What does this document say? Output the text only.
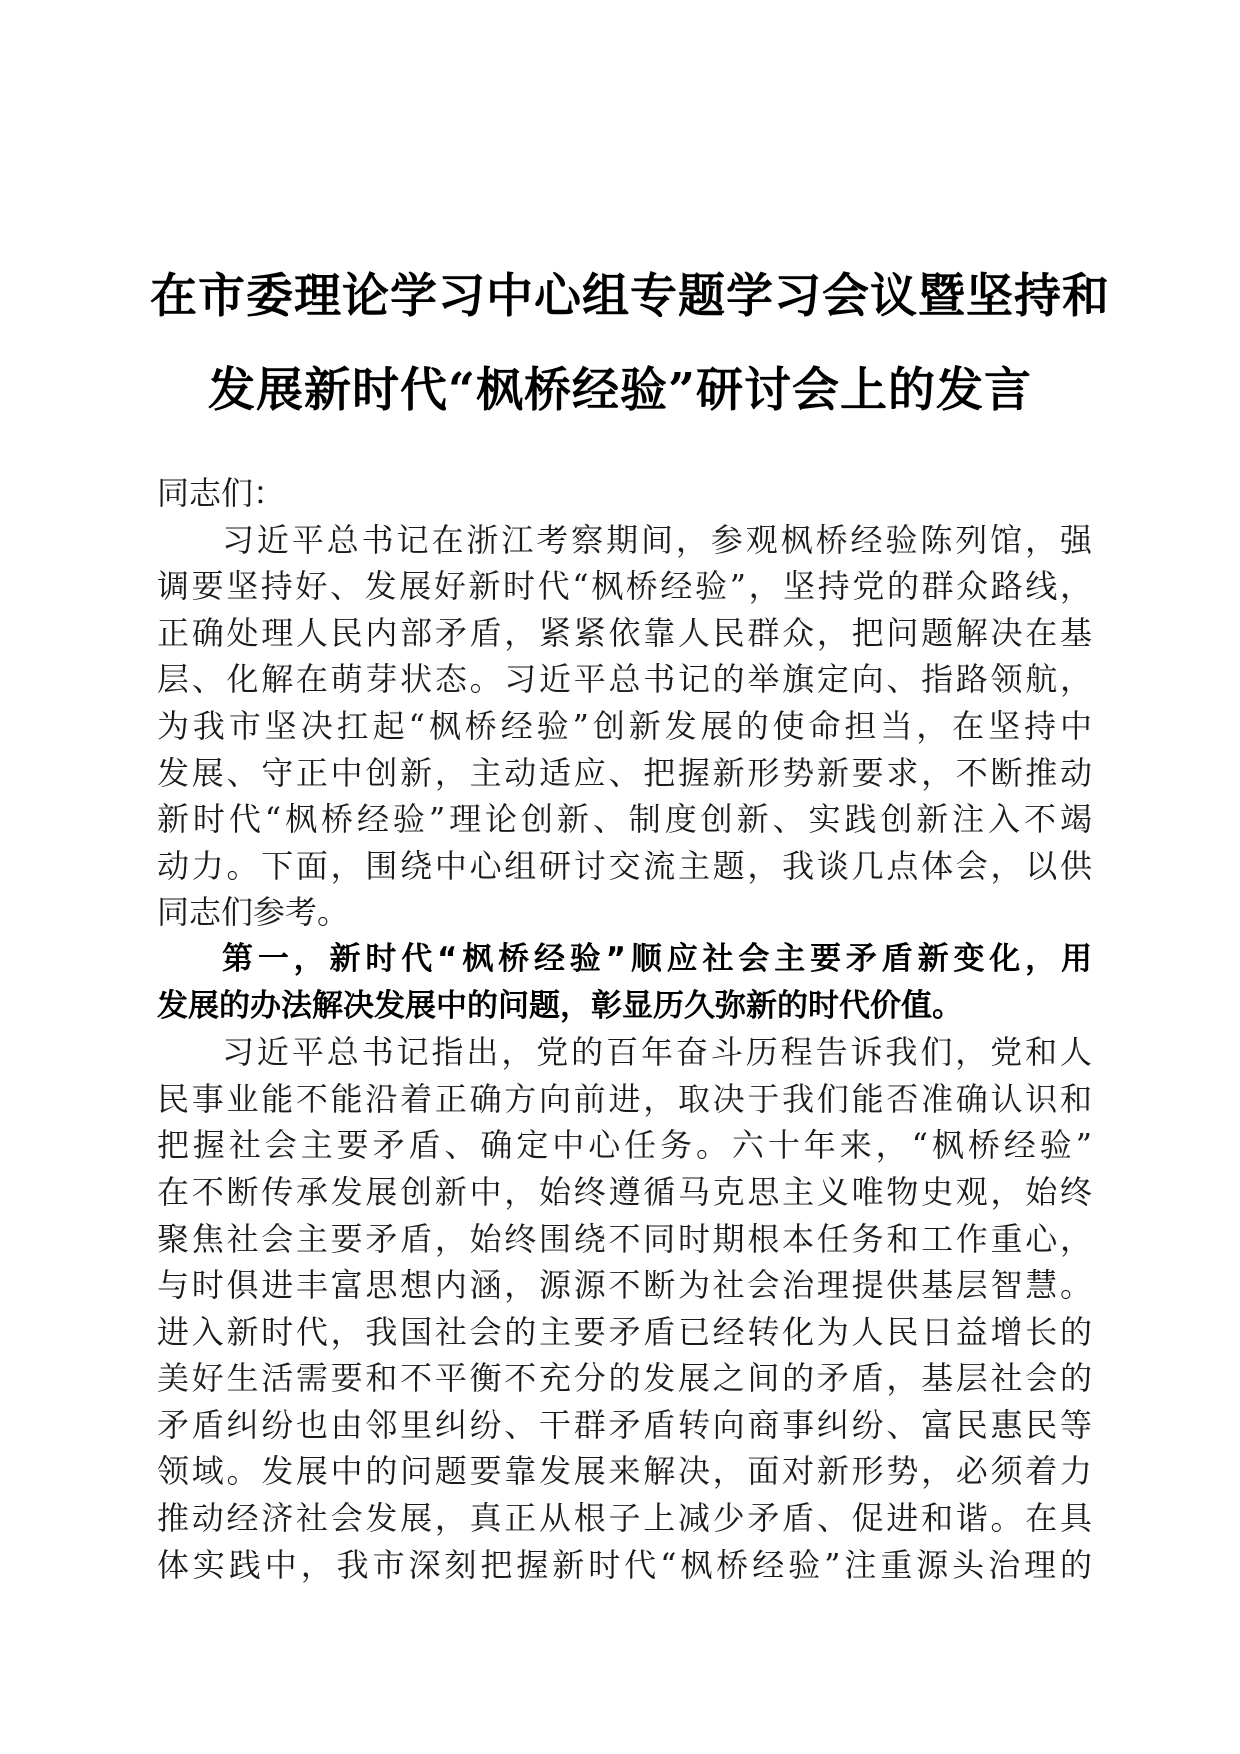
在市委理论学习中心组专题学习会议暨坚持和
发展新时代“枫桥经验”研讨会上的发言
同志们：
习近平总书记在浙江考察期间，参观枫桥经验陈列馆，强
调要坚持好、发展好新时代“枫桥经验”，坚持党的群众路线，
正确处理人民内部矛盾，紧紧依靠人民群众，把问题解决在基
层、化解在萌芽状态。习近平总书记的举旗定向、指路领航，
为我市坚决扛起“枫桥经验”创新发展的使命担当，在坚持中
发展、守正中创新，主动适应、把握新形势新要求，不断推动
新时代“枫桥经验”理论创新、制度创新、实践创新注入不竭
动力。下面，围绕中心组研讨交流主题，我谈几点体会，以供
同志们参考。
第一，新时代“枫桥经验”顺应社会主要矛盾新变化，用
发展的办法解决发展中的问题，彰显历久弥新的时代价值。
习近平总书记指出，党的百年奋斗历程告诉我们，党和人
民事业能不能沿着正确方向前进，取决于我们能否准确认识和
把握社会主要矛盾、确定中心任务。六十年来，“枫桥经验”
在不断传承发展创新中，始终遵循马克思主义唯物史观，始终
聚焦社会主要矛盾，始终围绕不同时期根本任务和工作重心，
与时俱进丰富思想内涵，源源不断为社会治理提供基层智慧。
进入新时代，我国社会的主要矛盾已经转化为人民日益增长的
美好生活需要和不平衡不充分的发展之间的矛盾，基层社会的
矛盾纠纷也由邻里纠纷、干群矛盾转向商事纠纷、富民惠民等
领域。发展中的问题要靠发展来解决，面对新形势，必须着力
推动经济社会发展，真正从根子上减少矛盾、促进和谐。在具
体实践中，我市深刻把握新时代“枫桥经验”注重源头治理的
